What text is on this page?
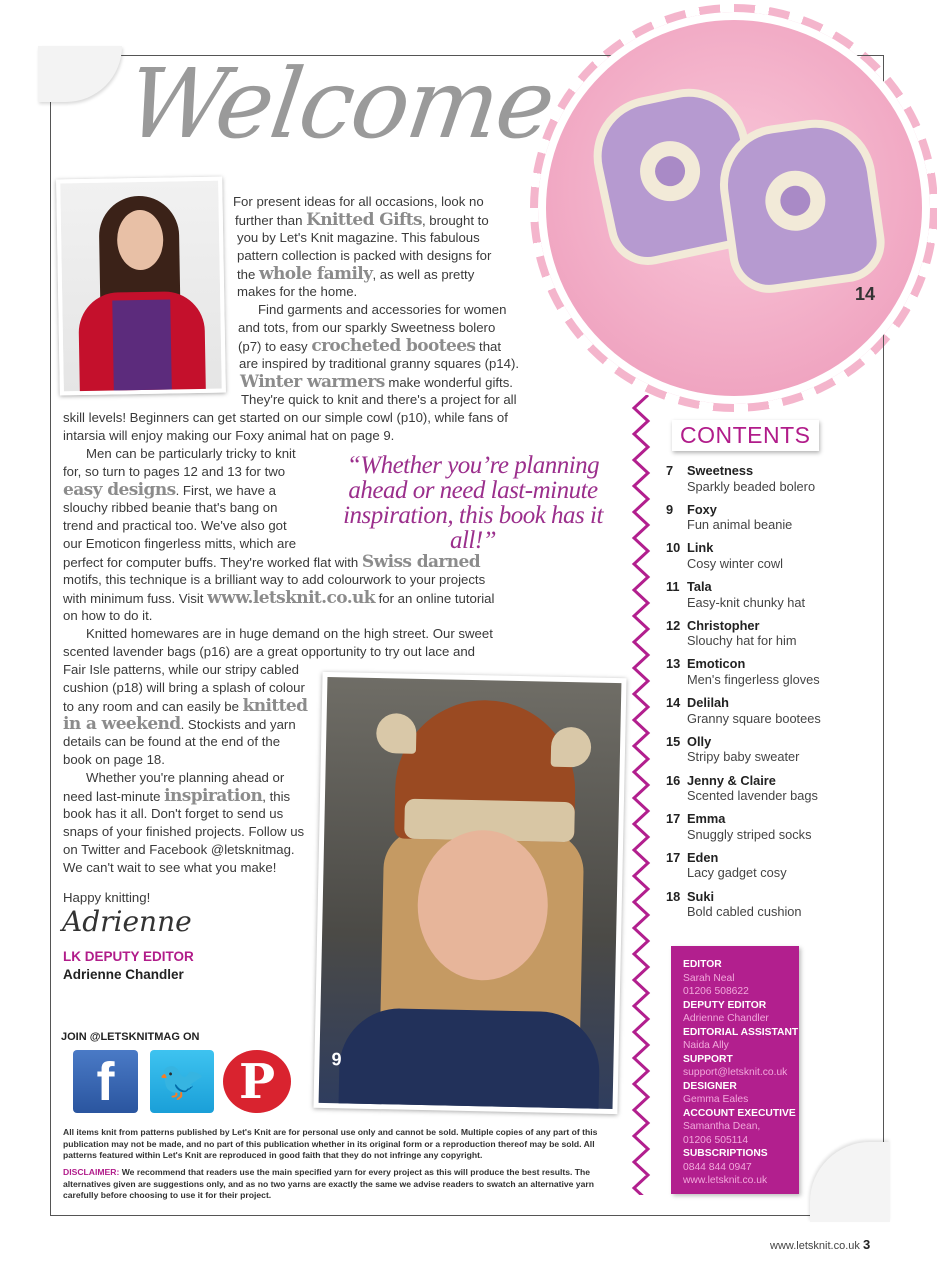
14
Welcome
For present ideas for all occasions, look no
further than Knitted Gifts, brought to
you by Let's Knit magazine. This fabulous
pattern collection is packed with designs for
the whole family, as well as pretty
makes for the home.
Find garments and accessories for women
and tots, from our sparkly Sweetness bolero
(p7) to easy crocheted bootees that
are inspired by traditional granny squares (p14).
Winter warmers make wonderful gifts.
They're quick to knit and there's a project for all
skill levels! Beginners can get started on our simple cowl (p10), while fans of
intarsia will enjoy making our Foxy animal hat on page 9.
Men can be particularly tricky to knit
for, so turn to pages 12 and 13 for two
easy designs. First, we have a
slouchy ribbed beanie that's bang on
trend and practical too. We've also got
our Emoticon fingerless mitts, which are
perfect for computer buffs. They're worked flat with Swiss darned
motifs, this technique is a brilliant way to add colourwork to your projects
with minimum fuss. Visit www.letsknit.co.uk for an online tutorial
on how to do it.
Knitted homewares are in huge demand on the high street. Our sweet
scented lavender bags (p16) are a great opportunity to try out lace and
Fair Isle patterns, while our stripy cabled
cushion (p18) will bring a splash of colour
to any room and can easily be knitted
in a weekend. Stockists and yarn
details can be found at the end of the
book on page 18.
Whether you're planning ahead or
need last-minute inspiration, this
book has it all. Don't forget to send us
snaps of your finished projects. Follow us
on Twitter and Facebook @letsknitmag.
We can't wait to see what you make!
Happy knitting!
“Whether you’re planning ahead or need last-minute inspiration, this book has it all!”
Adrienne
LK DEPUTY EDITOR
Adrienne Chandler
JOIN @LETSKNITMAG ON
f	🐦 P
All items knit from patterns published by Let's Knit are for personal use only and cannot be sold. Multiple copies of any part of this publication may not be made, and no part of this publication whether in its original form or a reproduction thereof may be sold. All patterns featured within Let's Knit are reproduced in good faith that they do not infringe any copyright.
DISCLAIMER: We recommend that readers use the main specified yarn for every project as this will produce the best results. The alternatives given are suggestions only, and as no two yarns are exactly the same we advise readers to swatch an alternative yarn carefully before choosing to use it for their project.
9
CONTENTS
7 Sweetness
Sparkly beaded bolero
9 Foxy
Fun animal beanie
10 Link
Cosy winter cowl
11 Tala
Easy-knit chunky hat
12 Christopher
Slouchy hat for him
13 Emoticon
Men's fingerless gloves
14 Delilah
Granny square bootees
15 Olly
Stripy baby sweater
16 Jenny & Claire
Scented lavender bags
17 Emma
Snuggly striped socks
17 Eden
Lacy gadget cosy
18 Suki
Bold cabled cushion
EDITOR
Sarah Neal
01206 508622
DEPUTY EDITOR
Adrienne Chandler
EDITORIAL ASSISTANT
Naida Ally
SUPPORT
support@letsknit.co.uk
DESIGNER
Gemma Eales
ACCOUNT EXECUTIVE
Samantha Dean,
01206 505114
SUBSCRIPTIONS
0844 844 0947
www.letsknit.co.uk
www.letsknit.co.uk 3
